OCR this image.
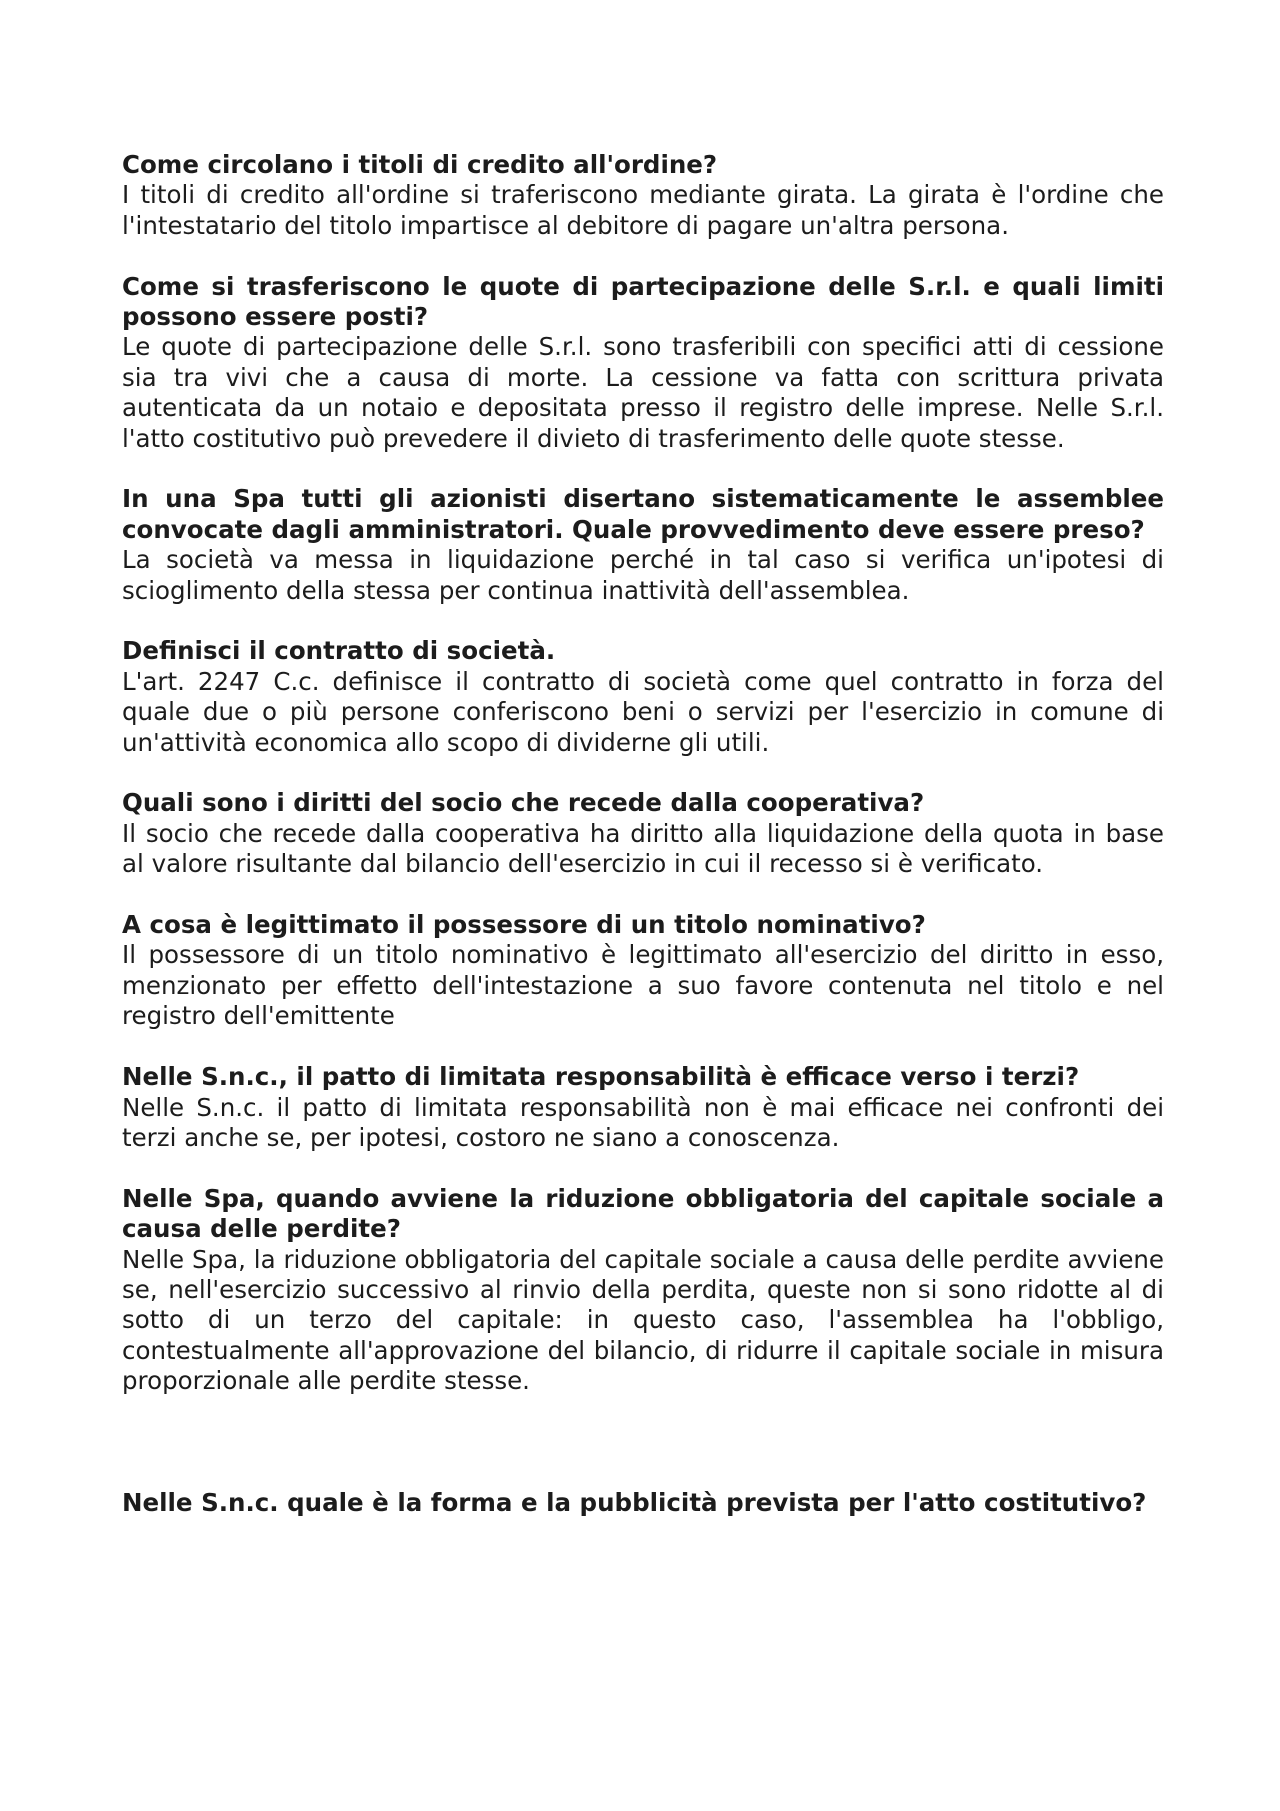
Come circolano i titoli di credito all'ordine?

I titoli di credito all'ordine si traferiscono mediante girata. La girata è l'ordine che l'intestatario del titolo impartisce al debitore di pagare un'altra persona.

Come si trasferiscono le quote di partecipazione delle S.r.l. e quali limiti possono essere posti?

Le quote di partecipazione delle S.r.l. sono trasferibili con specifici atti di cessione sia tra vivi che a causa di morte. La cessione va fatta con scrittura privata autenticata da un notaio e depositata presso il registro delle imprese. Nelle S.r.l. l'atto costitutivo può prevedere il divieto di trasferimento delle quote stesse.

In una Spa tutti gli azionisti disertano sistematicamente le assemblee convocate dagli amministratori. Quale provvedimento deve essere preso?

La società va messa in liquidazione perché in tal caso si verifica un'ipotesi di scioglimento della stessa per continua inattività dell'assemblea.

Definisci il contratto di società.

L'art. 2247 C.c. definisce il contratto di società come quel contratto in forza del quale due o più persone conferiscono beni o servizi per l'esercizio in comune di un'attività economica allo scopo di dividerne gli utili.

Quali sono i diritti del socio che recede dalla cooperativa?

Il socio che recede dalla cooperativa ha diritto alla liquidazione della quota in base al valore risultante dal bilancio dell'esercizio in cui il recesso si è verificato.

A cosa è legittimato il possessore di un titolo nominativo?

Il possessore di un titolo nominativo è legittimato all'esercizio del diritto in esso, menzionato per effetto dell'intestazione a suo favore contenuta nel titolo e nel registro dell'emittente

Nelle S.n.c., il patto di limitata responsabilità è efficace verso i terzi?

Nelle S.n.c. il patto di limitata responsabilità non è mai efficace nei confronti dei terzi anche se, per ipotesi, costoro ne siano a conoscenza.

Nelle Spa, quando avviene la riduzione obbligatoria del capitale sociale a causa delle perdite?

Nelle Spa, la riduzione obbligatoria del capitale sociale a causa delle perdite avviene se, nell'esercizio successivo al rinvio della perdita, queste non si sono ridotte al di sotto di un terzo del capitale: in questo caso, l'assemblea ha l'obbligo, contestualmente all'approvazione del bilancio, di ridurre il capitale sociale in misura proporzionale alle perdite stesse.

Nelle S.n.c. quale è la forma e la pubblicità prevista per l'atto costitutivo?
